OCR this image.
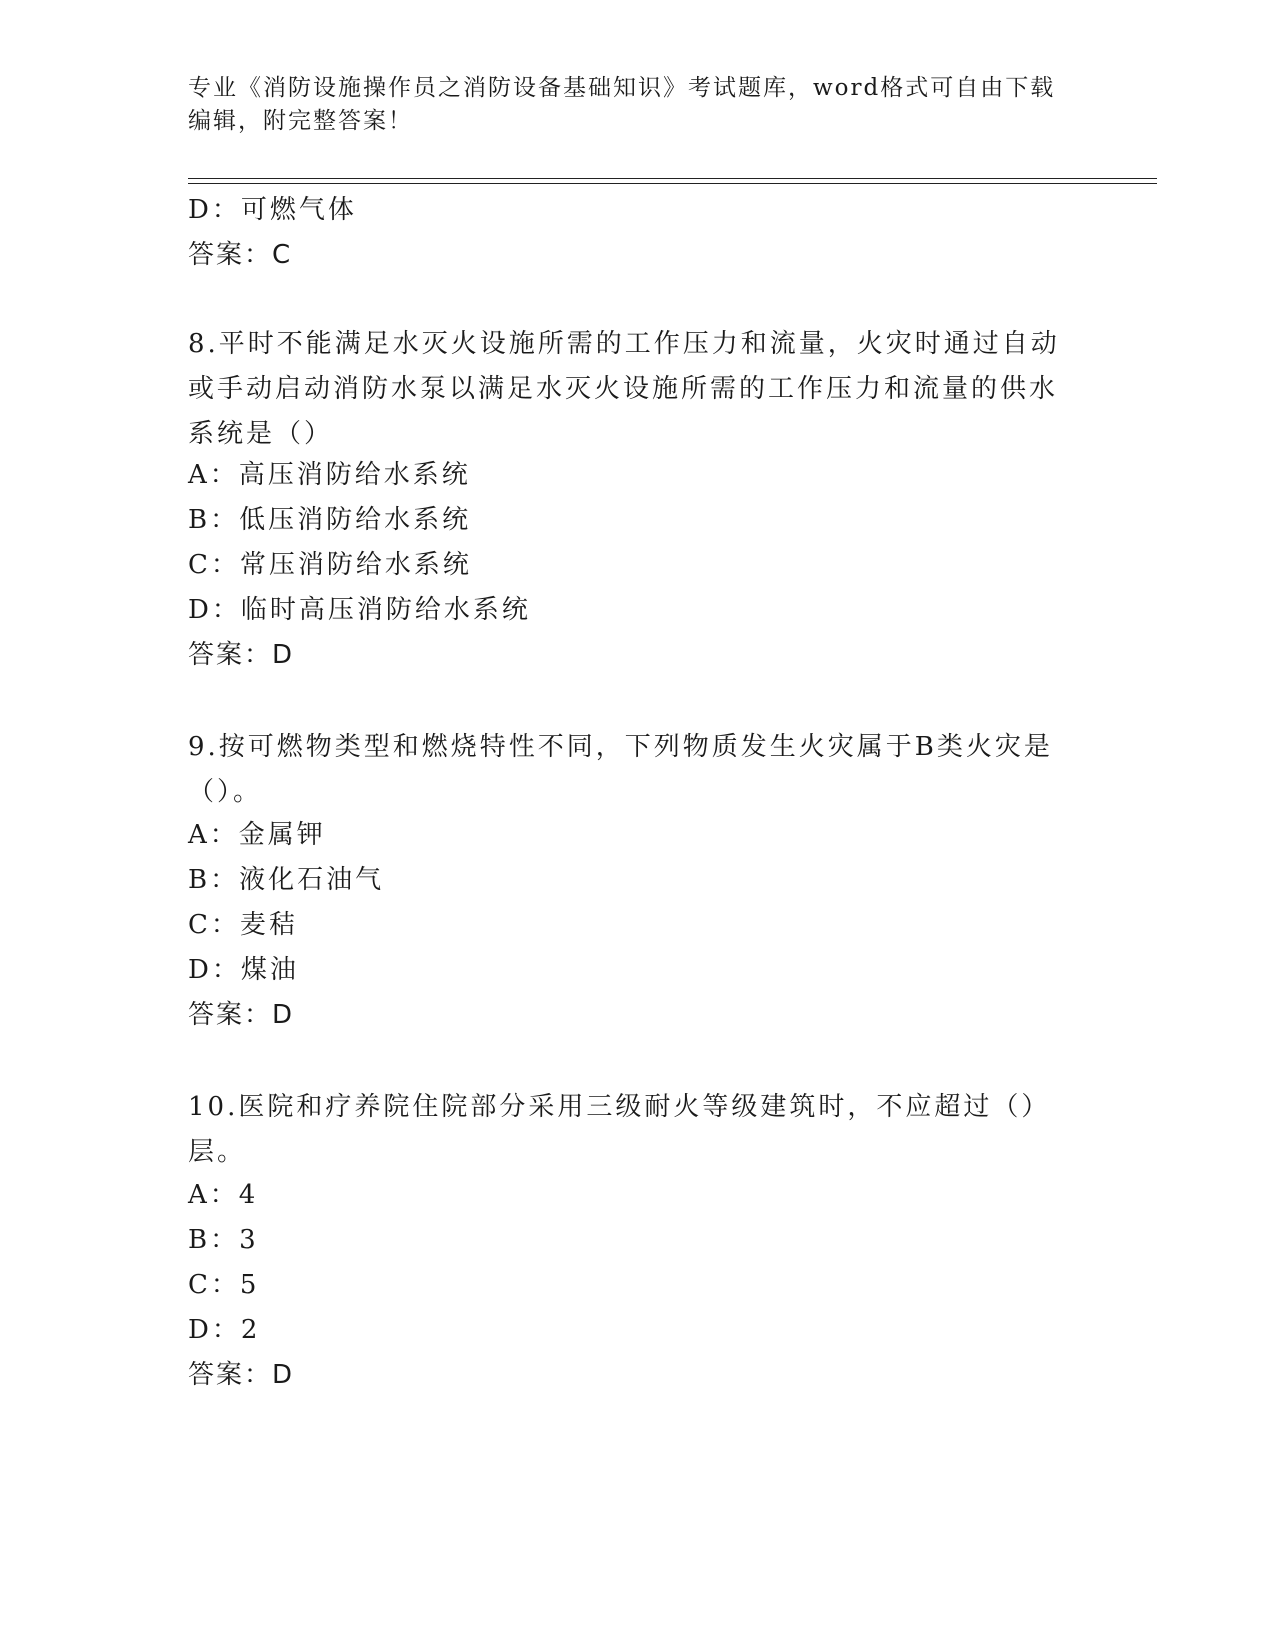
专业《消防设施操作员之消防设备基础知识》考试题库，word格式可自由下载编辑，附完整答案！
D：可燃气体
答案：C
8.平时不能满足水灭火设施所需的工作压力和流量，火灾时通过自动或手动启动消防水泵以满足水灭火设施所需的工作压力和流量的供水系统是（）
A：高压消防给水系统
B：低压消防给水系统
C：常压消防给水系统
D：临时高压消防给水系统
答案：D
9.按可燃物类型和燃烧特性不同，下列物质发生火灾属于B类火灾是（）。
A：金属钾
B：液化石油气
C：麦秸
D：煤油
答案：D
10.医院和疗养院住院部分采用三级耐火等级建筑时，不应超过（）层。
A：4
B：3
C：5
D：2
答案：D
